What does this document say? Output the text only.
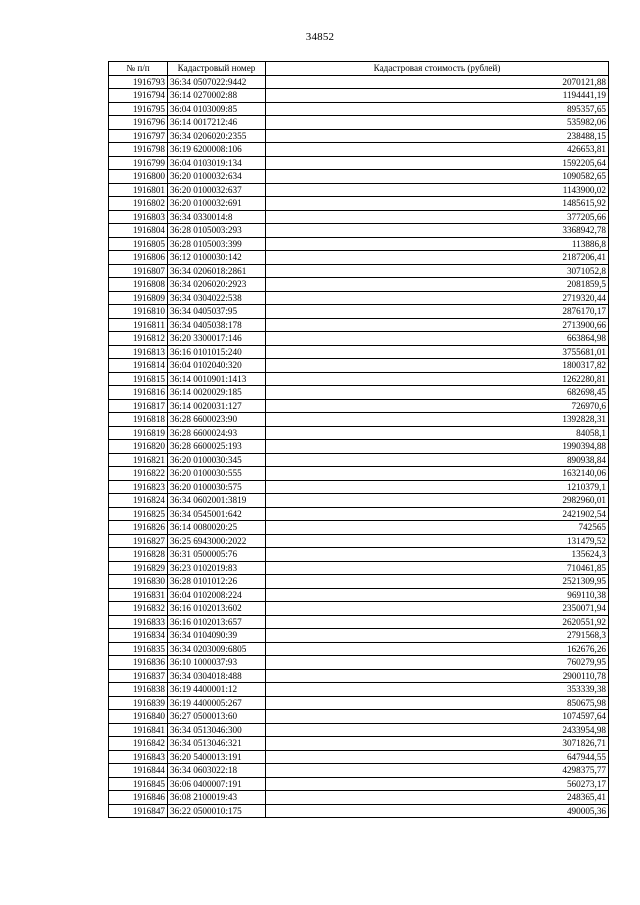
34852
№ п/п	Кадастровый номер	Кадастровая стоимость (рублей)
1916793	36:34 0507022:9442	2070121,88
1916794	36:14 0270002:88	1194441,19
1916795	36:04 0103009:85	895357,65
1916796	36:14 0017212:46	535982,06
1916797	36:34 0206020:2355	238488,15
1916798	36:19 6200008:106	426653,81
1916799	36:04 0103019:134	1592205,64
1916800	36:20 0100032:634	1090582,65
1916801	36:20 0100032:637	1143900,02
1916802	36:20 0100032:691	1485615,92
1916803	36:34 0330014:8	377205,66
1916804	36:28 0105003:293	3368942,78
1916805	36:28 0105003:399	113886,8
1916806	36:12 0100030:142	2187206,41
1916807	36:34 0206018:2861	3071052,8
1916808	36:34 0206020:2923	2081859,5
1916809	36:34 0304022:538	2719320,44
1916810	36:34 0405037:95	2876170,17
1916811	36:34 0405038:178	2713900,66
1916812	36:20 3300017:146	663864,98
1916813	36:16 0101015:240	3755681,01
1916814	36:04 0102040:320	1800317,82
1916815	36:14 0010901:1413	1262280,81
1916816	36:14 0020029:185	682698,45
1916817	36:14 0020031:127	726970,6
1916818	36:28 6600023:90	1392828,31
1916819	36:28 6600024:93	84058,1
1916820	36:28 6600025:193	1990394,88
1916821	36:20 0100030:345	890938,84
1916822	36:20 0100030:555	1632140,06
1916823	36:20 0100030:575	1210379,1
1916824	36:34 0602001:3819	2982960,01
1916825	36:34 0545001:642	2421902,54
1916826	36:14 0080020:25	742565
1916827	36:25 6943000:2022	131479,52
1916828	36:31 0500005:76	135624,3
1916829	36:23 0102019:83	710461,85
1916830	36:28 0101012:26	2521309,95
1916831	36:04 0102008:224	969110,38
1916832	36:16 0102013:602	2350071,94
1916833	36:16 0102013:657	2620551,92
1916834	36:34 0104090:39	2791568,3
1916835	36:34 0203009:6805	162676,26
1916836	36:10 1000037:93	760279,95
1916837	36:34 0304018:488	2900110,78
1916838	36:19 4400001:12	353339,38
1916839	36:19 4400005:267	850675,98
1916840	36:27 0500013:60	1074597,64
1916841	36:34 0513046:300	2433954,98
1916842	36:34 0513046:321	3071826,71
1916843	36:20 5400013:191	647944,55
1916844	36:34 0603022:18	4298375,77
1916845	36:06 0400007:191	560273,17
1916846	36:08 2100019:43	248365,41
1916847	36:22 0500010:175	490005,36
